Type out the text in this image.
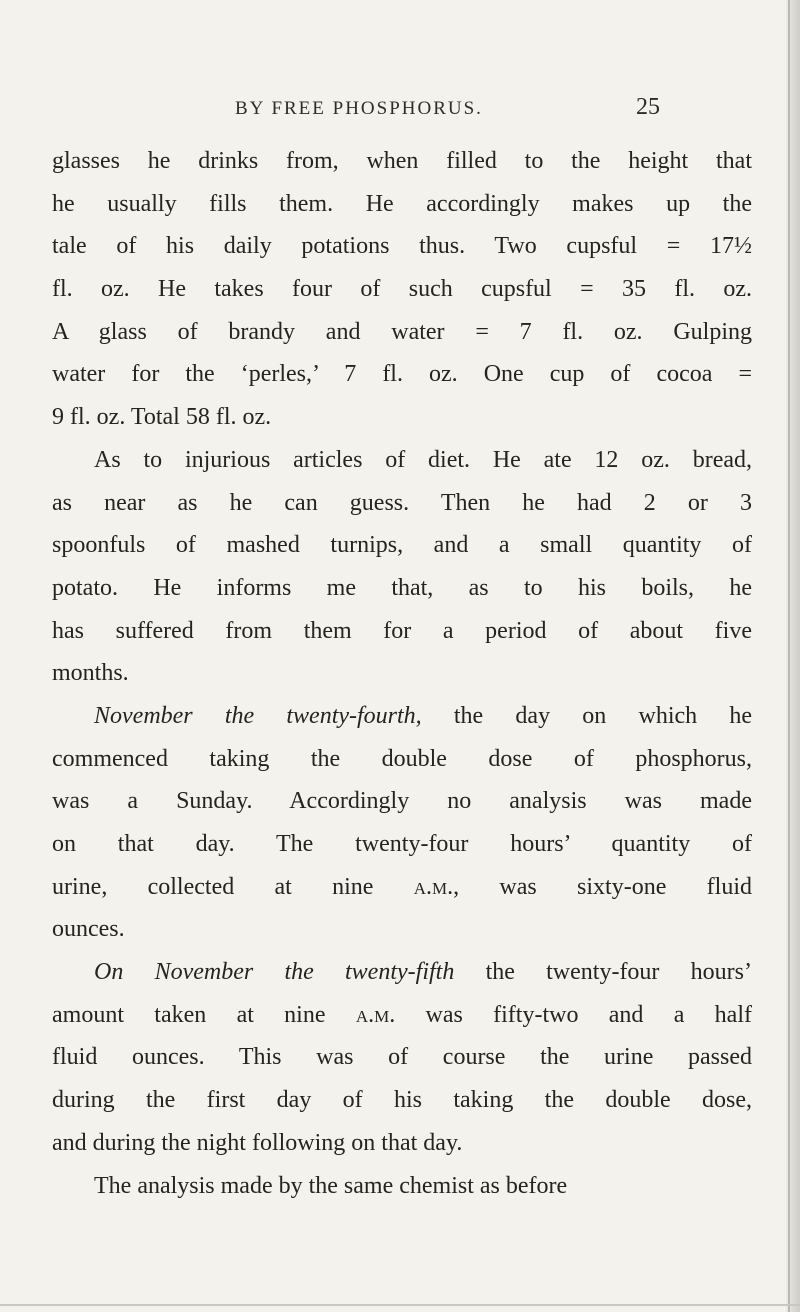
BY FREE PHOSPHORUS.	25
glasses he drinks from, when filled to the height that
he usually fills them. He accordingly makes up the
tale of his daily potations thus. Two cupsful = 17½
fl. oz. He takes four of such cupsful = 35 fl. oz.
A glass of brandy and water = 7 fl. oz. Gulping
water for the ‘perles,’ 7 fl. oz. One cup of cocoa =
9 fl. oz. Total 58 fl. oz.
As to injurious articles of diet. He ate 12 oz. bread,
as near as he can guess. Then he had 2 or 3
spoonfuls of mashed turnips, and a small quantity of
potato. He informs me that, as to his boils, he
has suffered from them for a period of about five
months.
November the twenty-fourth, the day on which he
commenced taking the double dose of phosphorus,
was a Sunday. Accordingly no analysis was made
on that day. The twenty-four hours’ quantity of
urine, collected at nine a.m., was sixty-one fluid
ounces.
On November the twenty-fifth the twenty-four hours’
amount taken at nine a.m. was fifty-two and a half
fluid ounces. This was of course the urine passed
during the first day of his taking the double dose,
and during the night following on that day.
The analysis made by the same chemist as before
